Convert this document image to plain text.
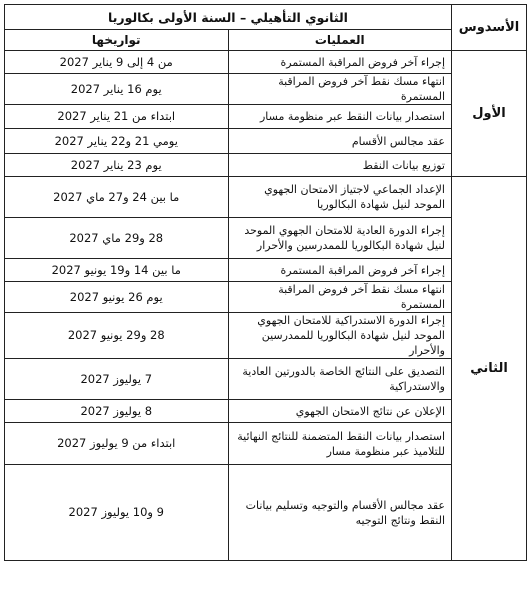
الأسدوس	الثانوي التأهيلي – السنة الأولى بكالوريا	
	العمليات	تواريخها
الأول	إجراء آخر فروض المراقبة المستمرة	من 4 إلى 9 يناير 2027
	انتهاء مسك نقط آخر فروض المراقبة المستمرة	يوم 16 يناير 2027
	استصدار بيانات النقط عبر منظومة مسار	ابتداء من 21 يناير 2027
	عقد مجالس الأقسام	يومي 21 و22 يناير 2027
	توزيع بيانات النقط	يوم 23 يناير 2027
الثاني	الإعداد الجماعي لاجتياز الامتحان الجهوي الموحد لنيل شهادة البكالوريا	ما بين 24 و27 ماي 2027
	إجراء الدورة العادية للامتحان الجهوي الموحد لنيل شهادة البكالوريا للممدرسين والأحرار	28 و29 ماي 2027
	إجراء آخر فروض المراقبة المستمرة	ما بين 14 و19 يونيو 2027
	انتهاء مسك نقط آخر فروض المراقبة المستمرة	يوم 26 يونيو 2027
	إجراء الدورة الاستدراكية للامتحان الجهوي الموحد لنيل شهادة البكالوريا للممدرسين والأحرار	28 و29 يونيو 2027
	التصديق على النتائج الخاصة بالدورتين العادية والاستدراكية	7 يوليوز 2027
	الإعلان عن نتائج الامتحان الجهوي	8 يوليوز 2027
	استصدار بيانات النقط المتضمنة للنتائج النهائية للتلاميذ عبر منظومة مسار	ابتداء من 9 يوليوز 2027
	عقد مجالس الأقسام والتوجيه وتسليم بيانات النقط ونتائج التوجيه	9 و10 يوليوز 2027
